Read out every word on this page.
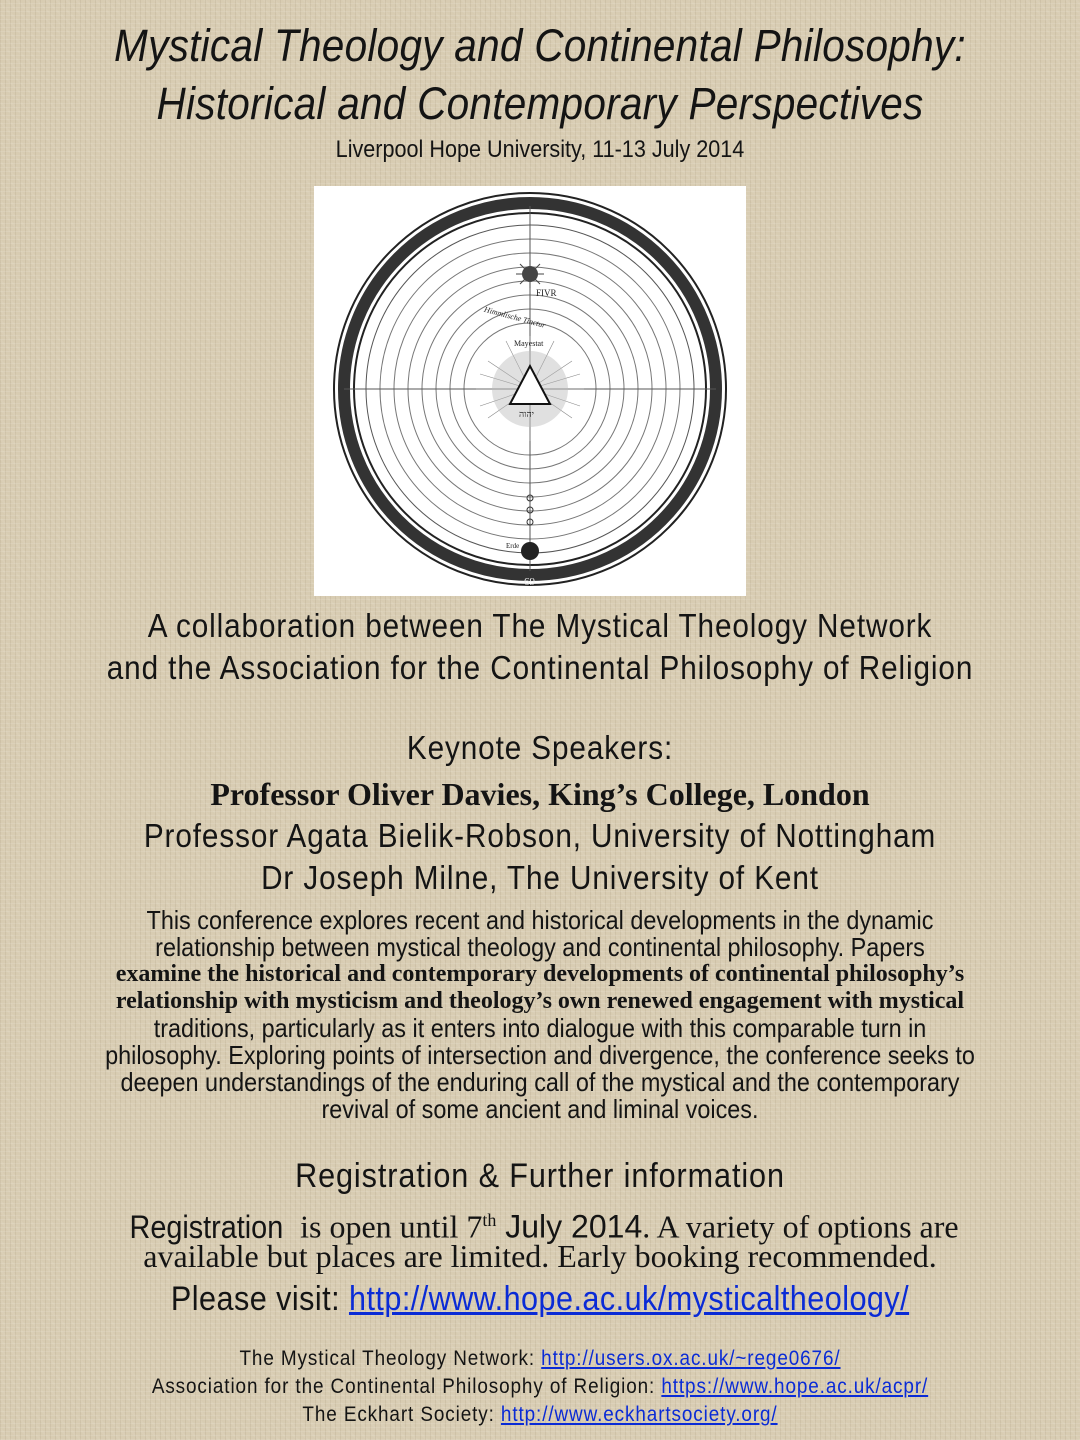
Mystical Theology and Continental Philosophy:
Historical and Contemporary Perspectives
Liverpool Hope University, 11-13 July 2014
FIVR
Himmlische Tinctur
Mayestat
יהוה
Erde
69
A collaboration between The Mystical Theology Network
and the Association for the Continental Philosophy of Religion
Keynote Speakers:
Professor Oliver Davies, King’s College, London
Professor Agata Bielik-Robson, University of Nottingham
Dr Joseph Milne, The University of Kent
This conference explores recent and historical developments in the dynamic
relationship between mystical theology and continental philosophy. Papers
examine the historical and contemporary developments of continental philosophy’s
relationship with mysticism and theology’s own renewed engagement with mystical
traditions, particularly as it enters into dialogue with this comparable turn in
philosophy. Exploring points of intersection and divergence, the conference seeks to
deepen understandings of the enduring call of the mystical and the contemporary
revival of some ancient and liminal voices.
Registration & Further information
Registration is open until 7th July 2014. A variety of options are
available but places are limited. Early booking recommended.
Please visit: http://www.hope.ac.uk/mysticaltheology/
The Mystical Theology Network: http://users.ox.ac.uk/~rege0676/
Association for the Continental Philosophy of Religion: https://www.hope.ac.uk/acpr/
The Eckhart Society: http://www.eckhartsociety.org/
